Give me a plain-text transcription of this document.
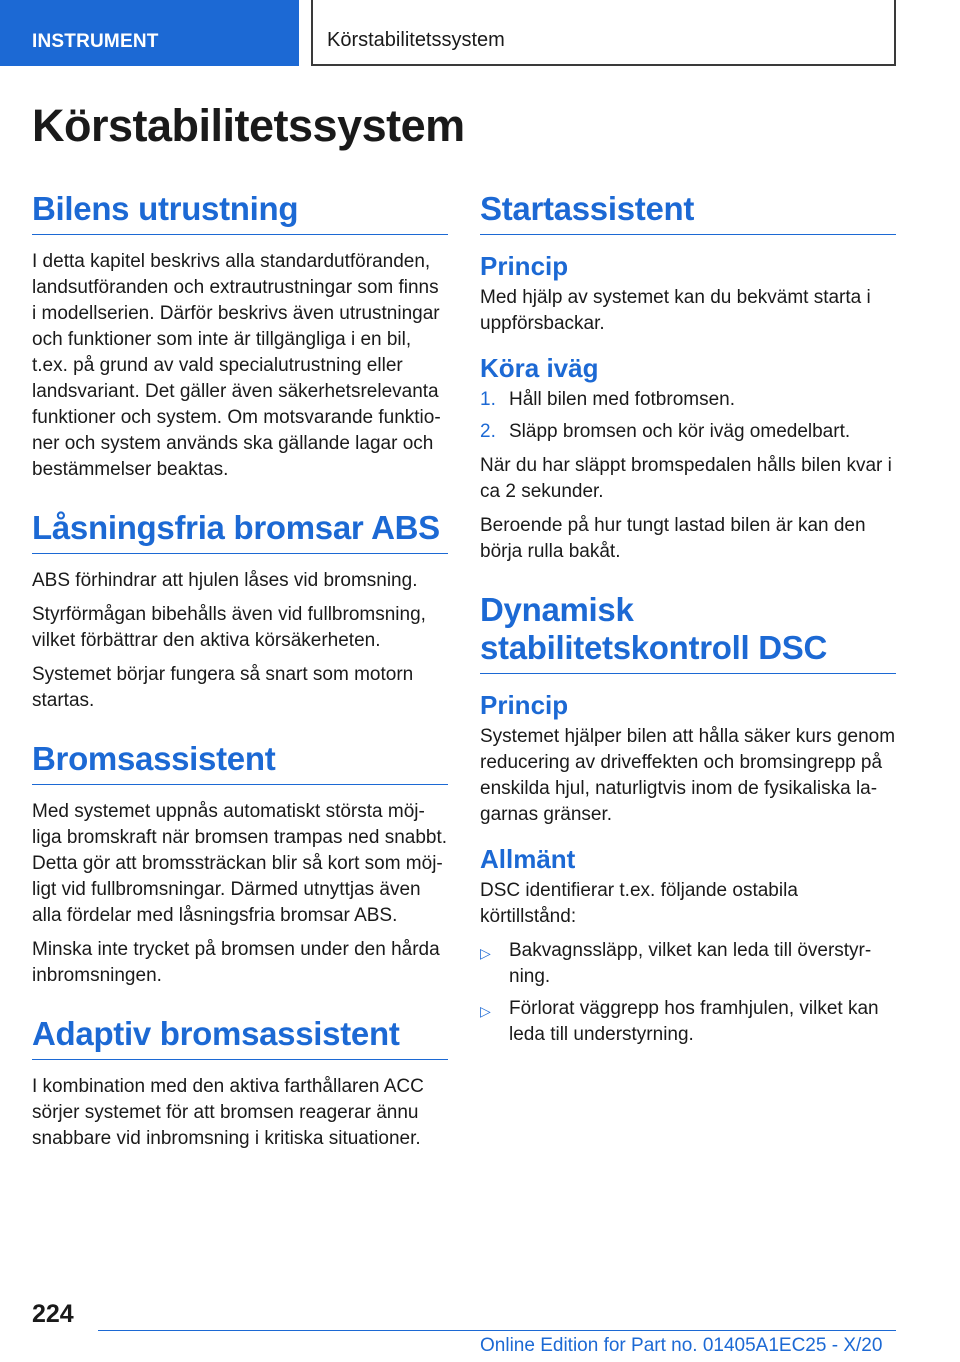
INSTRUMENT	Körstabilitetssystem
Körstabilitetssystem
Bilens utrustning

I detta kapitel beskrivs alla standardutföranden, landsutföranden och extrautrustningar som finns i modellserien. Därför beskrivs även utrustningar och funktioner som inte är tillgängliga i en bil, t.ex. på grund av vald specialutrustning eller landsvariant. Det gäller även säkerhetsrelevanta funktioner och system. Om motsvarande funktioner och system används ska gällande lagar och bestämmelser beaktas.

Låsningsfria bromsar ABS

ABS förhindrar att hjulen låses vid bromsning.

Styrförmågan bibehålls även vid fullbromsning, vilket förbättrar den aktiva körsäkerheten.

Systemet börjar fungera så snart som motorn startas.

Bromsassistent

Med systemet uppnås automatiskt största möjliga bromskraft när bromsen trampas ned snabbt. Detta gör att bromssträckan blir så kort som möjligt vid fullbromsningar. Därmed utnyttjas även alla fördelar med låsningsfria bromsar ABS.

Minska inte trycket på bromsen under den hårda inbromsningen.

Adaptiv bromsassistent

I kombination med den aktiva farthållaren ACC sörjer systemet för att bromsen reagerar ännu snabbare vid inbromsning i kritiska situationer.

Startassistent
Princip

Med hjälp av systemet kan du bekvämt starta i uppförsbackar.

Köra iväg
1. Håll bilen med fotbromsen.
2. Släpp bromsen och kör iväg omedelbart.

När du har släppt bromspedalen hålls bilen kvar i ca 2 sekunder.

Beroende på hur tungt lastad bilen är kan den börja rulla bakåt.

Dynamisk stabilitetskontroll DSC
Princip

Systemet hjälper bilen att hålla säker kurs genom reducering av driveffekten och bromsingrepp på enskilda hjul, naturligtvis inom de fysikaliska lagarnas gränser.

Allmänt

DSC identifierar t.ex. följande ostabila körtillstånd:

▷ Bakvagnssläpp, vilket kan leda till överstyrning.
▷ Förlorat väggrepp hos framhjulen, vilket kan leda till understyrning.
224
Online Edition for Part no. 01405A1EC25 - X/20
